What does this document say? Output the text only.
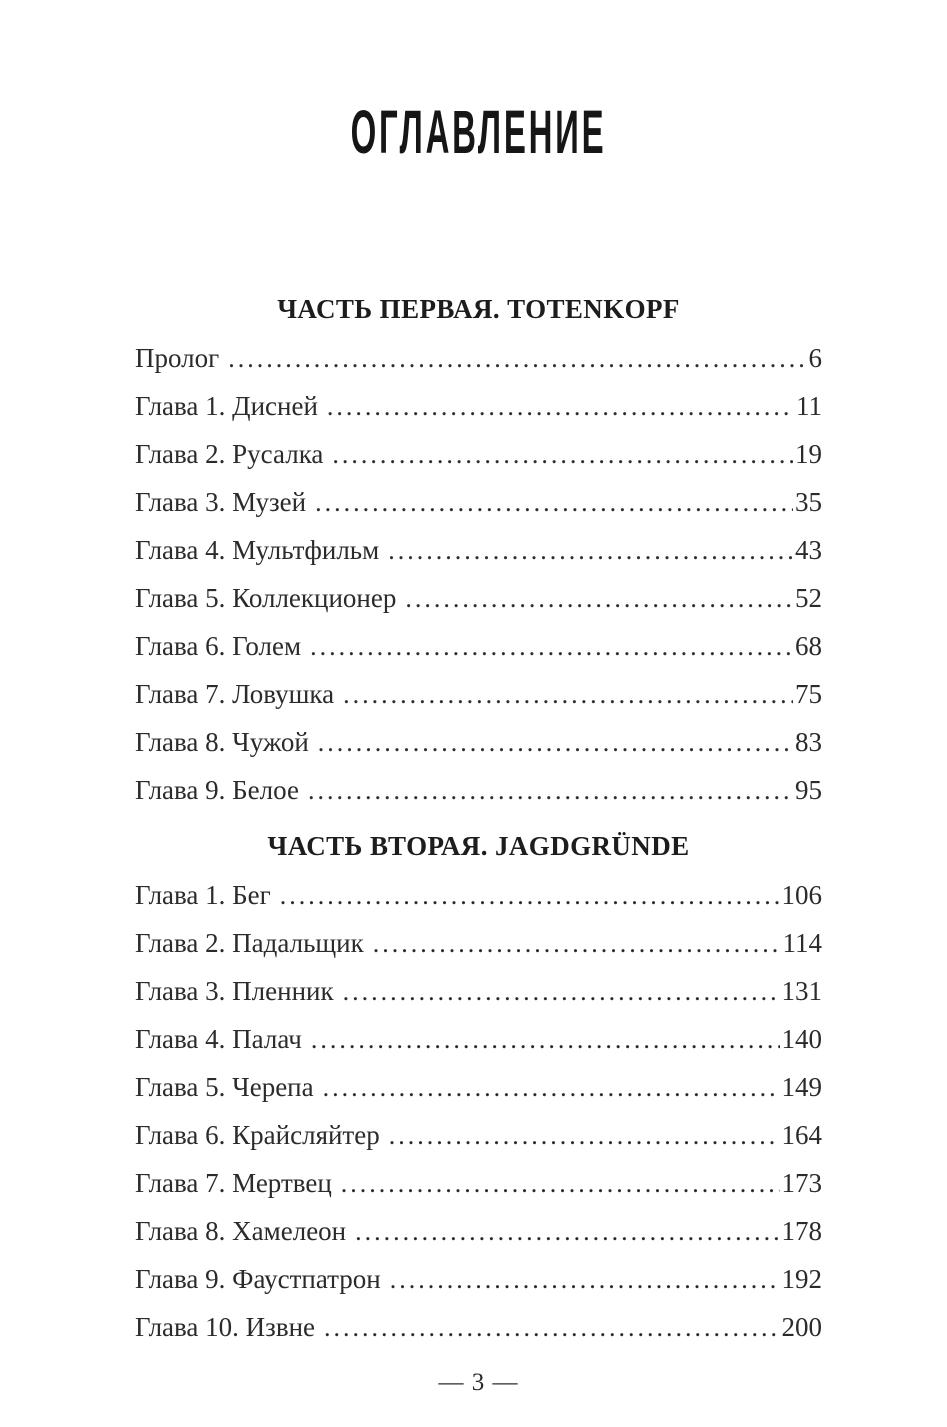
ОГЛАВЛЕНИЕ
ЧАСТЬ ПЕРВАЯ. TOTENKOPF
Пролог .....	6
Глава 1. Дисней .....	11
Глава 2. Русалка .....	19
Глава 3. Музей .....	35
Глава 4. Мультфильм .....	43
Глава 5. Коллекционер .....	52
Глава 6. Голем .....	68
Глава 7. Ловушка .....	75
Глава 8. Чужой .....	83
Глава 9. Белое .....	95
ЧАСТЬ ВТОРАЯ. JAGDGRÜNDE
Глава 1. Бег .....	106
Глава 2. Падальщик .....	114
Глава 3. Пленник .....	131
Глава 4. Палач .....	140
Глава 5. Черепа .....	149
Глава 6. Крайсляйтер .....	164
Глава 7. Мертвец .....	173
Глава 8. Хамелеон .....	178
Глава 9. Фаустпатрон .....	192
Глава 10. Извне .....	200
— 3 —
